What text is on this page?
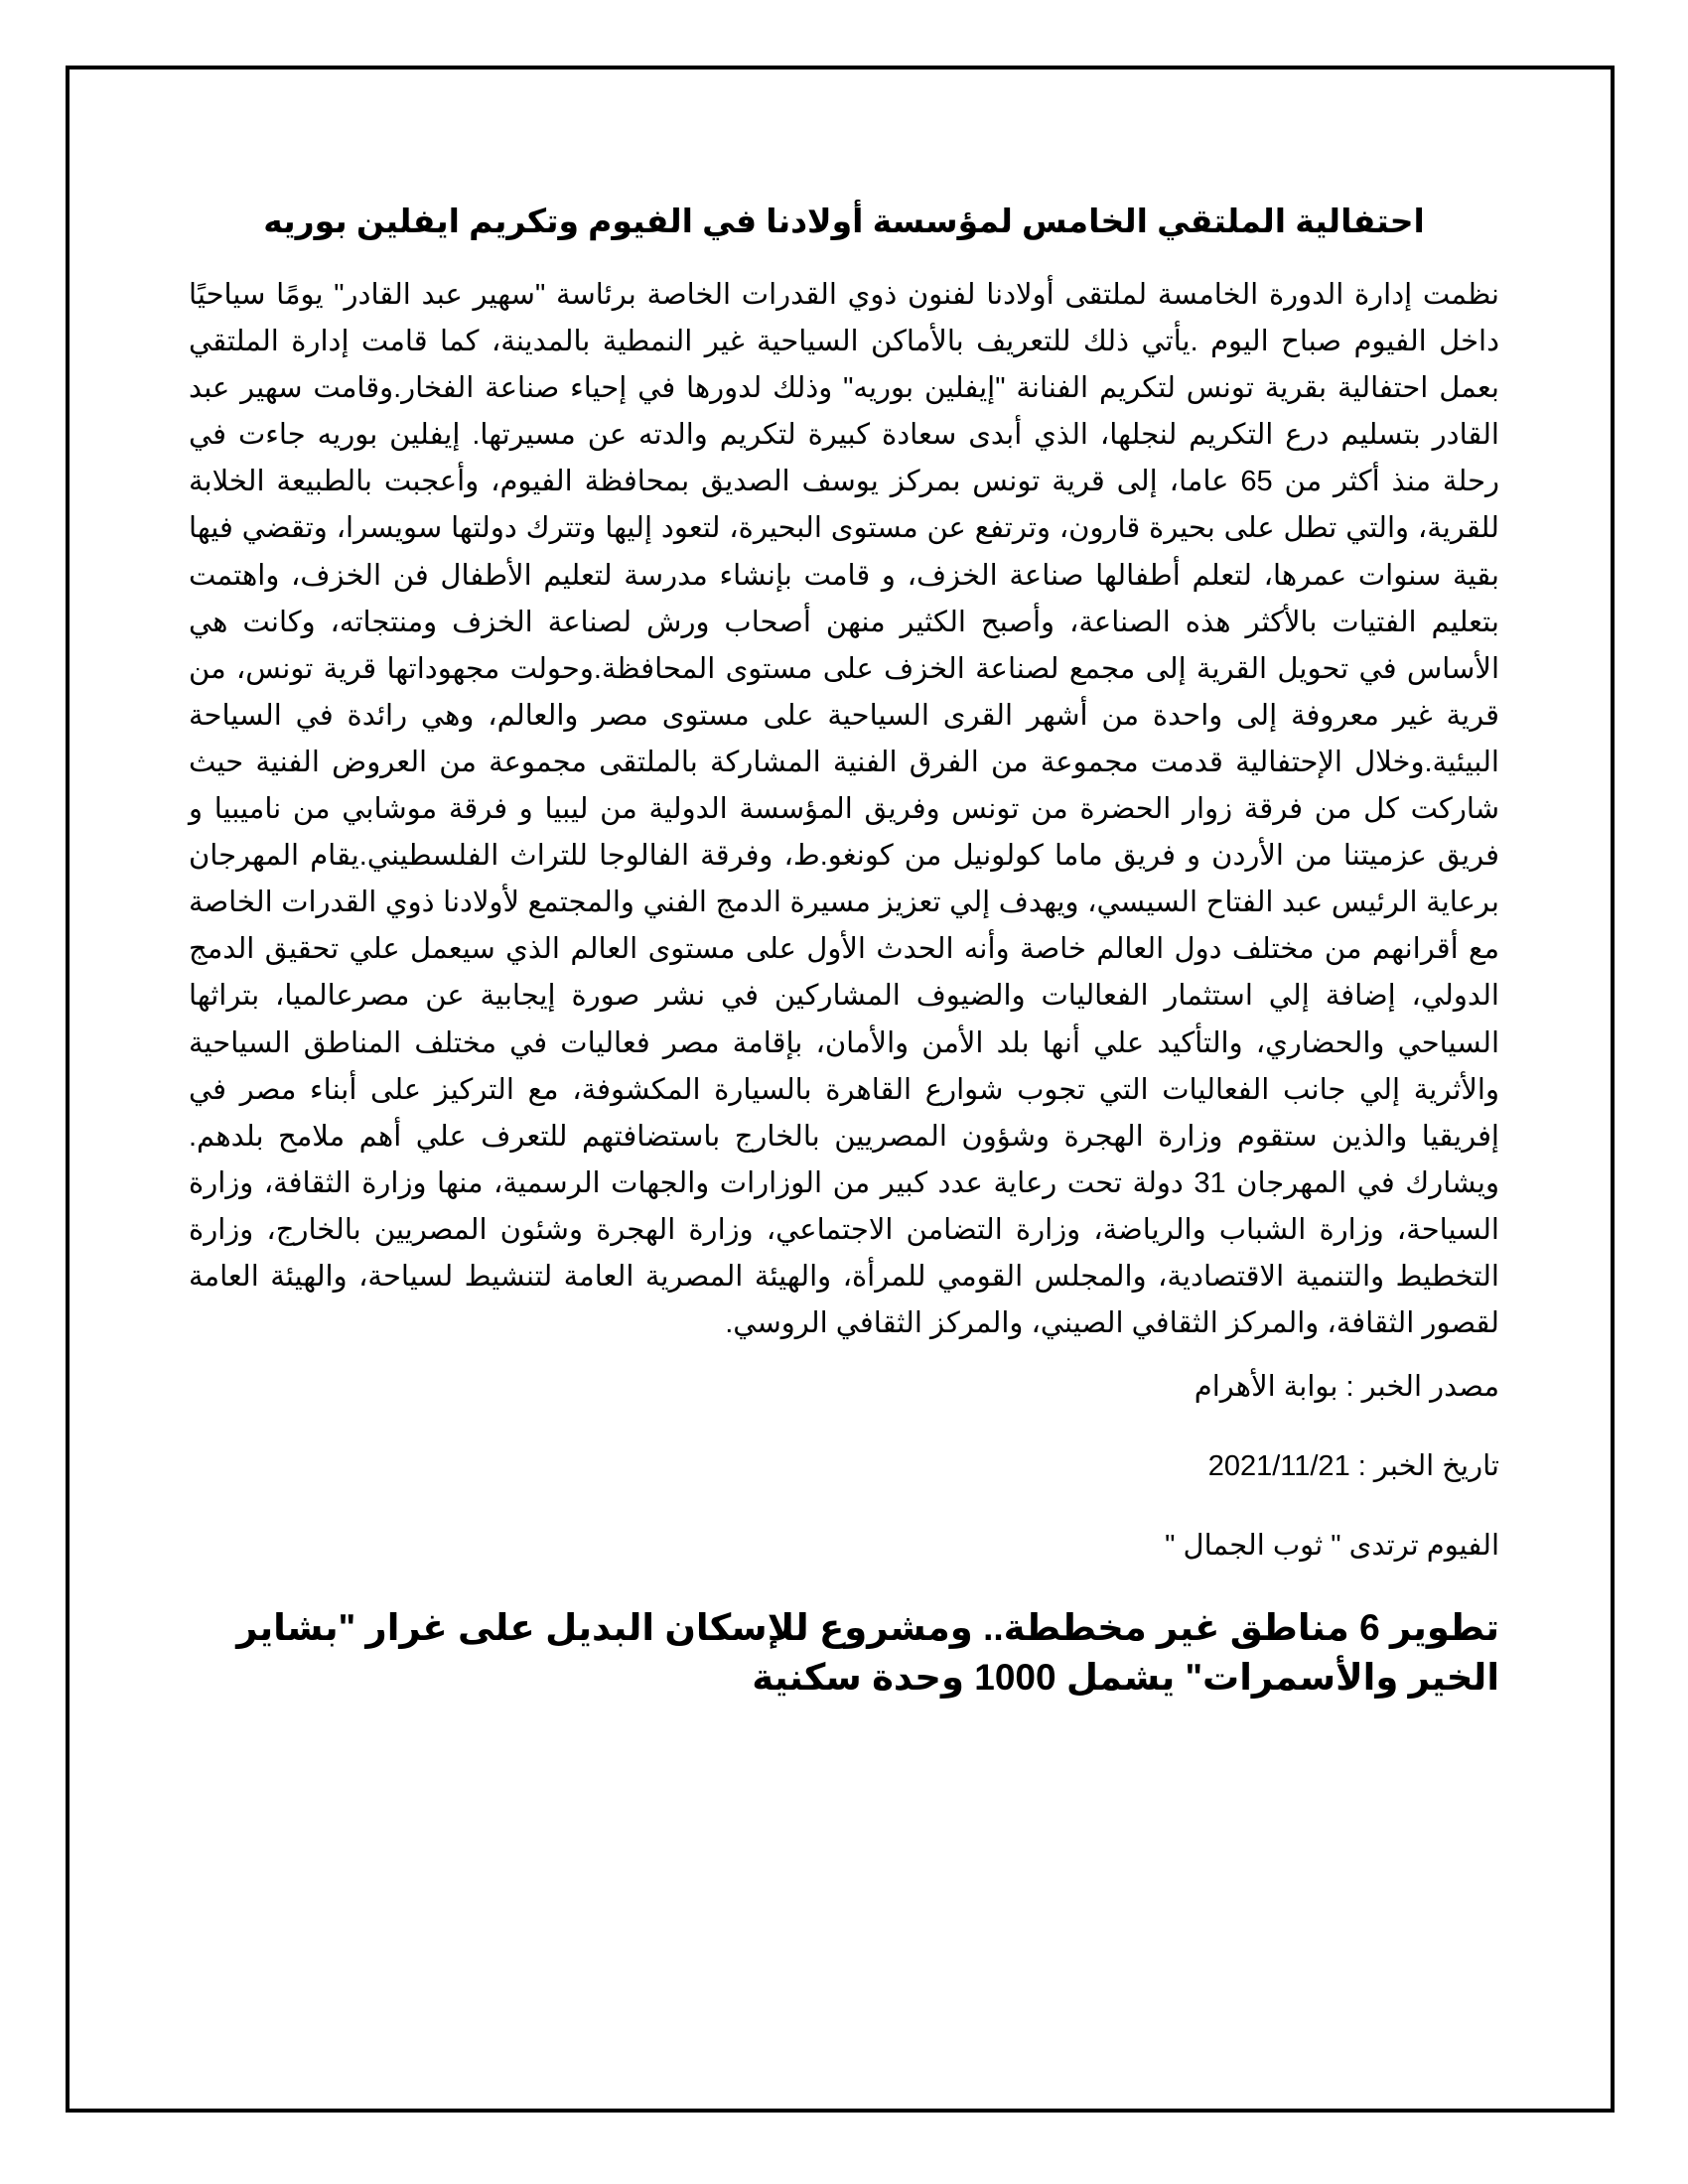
احتفالية الملتقي الخامس لمؤسسة أولادنا في الفيوم وتكريم ايفلين بوريه

نظمت إدارة الدورة الخامسة لملتقى أولادنا لفنون ذوي القدرات الخاصة برئاسة "سهير عبد القادر" يومًا سياحيًا داخل الفيوم صباح اليوم .يأتي ذلك للتعريف بالأماكن السياحية غير النمطية بالمدينة، كما قامت إدارة الملتقي بعمل احتفالية بقرية تونس لتكريم الفنانة "إيفلين بوريه" وذلك لدورها في إحياء صناعة الفخار.وقامت سهير عبد القادر بتسليم درع التكريم لنجلها، الذي أبدى سعادة كبيرة لتكريم والدته عن مسيرتها. إيفلين بوريه جاءت في رحلة منذ أكثر من 65 عاما، إلى قرية تونس بمركز يوسف الصديق بمحافظة الفيوم، وأعجبت بالطبيعة الخلابة للقرية، والتي تطل على بحيرة قارون، وترتفع عن مستوى البحيرة، لتعود إليها وتترك دولتها سويسرا، وتقضي فيها بقية سنوات عمرها، لتعلم أطفالها صناعة الخزف، و قامت بإنشاء مدرسة لتعليم الأطفال فن الخزف، واهتمت بتعليم الفتيات بالأكثر هذه الصناعة، وأصبح الكثير منهن أصحاب ورش لصناعة الخزف ومنتجاته، وكانت هي الأساس في تحويل القرية إلى مجمع لصناعة الخزف على مستوى المحافظة.وحولت مجهوداتها قرية تونس، من قرية غير معروفة إلى واحدة من أشهر القرى السياحية على مستوى مصر والعالم، وهي رائدة في السياحة البيئية.وخلال الإحتفالية قدمت مجموعة من الفرق الفنية المشاركة بالملتقى مجموعة من العروض الفنية حيث شاركت كل من فرقة زوار الحضرة من تونس وفريق المؤسسة الدولية من ليبيا و فرقة موشابي من ناميبيا و فريق عزميتنا من الأردن و فريق ماما كولونيل من كونغو.ط، وفرقة الفالوجا للتراث الفلسطيني.يقام المهرجان برعاية الرئيس عبد الفتاح السيسي، ويهدف إلي تعزيز مسيرة الدمج الفني والمجتمع لأولادنا ذوي القدرات الخاصة مع أقرانهم من مختلف دول العالم خاصة وأنه الحدث الأول على مستوى العالم الذي سيعمل علي تحقيق الدمج الدولي، إضافة إلي استثمار الفعاليات والضيوف المشاركين في نشر صورة إيجابية عن مصرعالميا، بتراثها السياحي والحضاري، والتأكيد علي أنها بلد الأمن والأمان، بإقامة مصر فعاليات في مختلف المناطق السياحية والأثرية إلي جانب الفعاليات التي تجوب شوارع القاهرة بالسيارة المكشوفة، مع التركيز على أبناء مصر في إفريقيا والذين ستقوم وزارة الهجرة وشؤون المصريين بالخارج باستضافتهم للتعرف علي أهم ملامح بلدهم. ويشارك في المهرجان 31 دولة تحت رعاية عدد كبير من الوزارات والجهات الرسمية، منها وزارة الثقافة، وزارة السياحة، وزارة الشباب والرياضة، وزارة التضامن الاجتماعي، وزارة الهجرة وشئون المصريين بالخارج، وزارة التخطيط والتنمية الاقتصادية، والمجلس القومي للمرأة، والهيئة المصرية العامة لتنشيط لسياحة، والهيئة العامة لقصور الثقافة، والمركز الثقافي الصيني، والمركز الثقافي الروسي.

مصدر الخبر : بوابة الأهرام

تاريخ الخبر : 2021/11/21

الفيوم ترتدى " ثوب الجمال "

تطوير 6 مناطق غير مخططة.. ومشروع للإسكان البديل على غرار "بشاير الخير والأسمرات" يشمل 1000 وحدة سكنية
